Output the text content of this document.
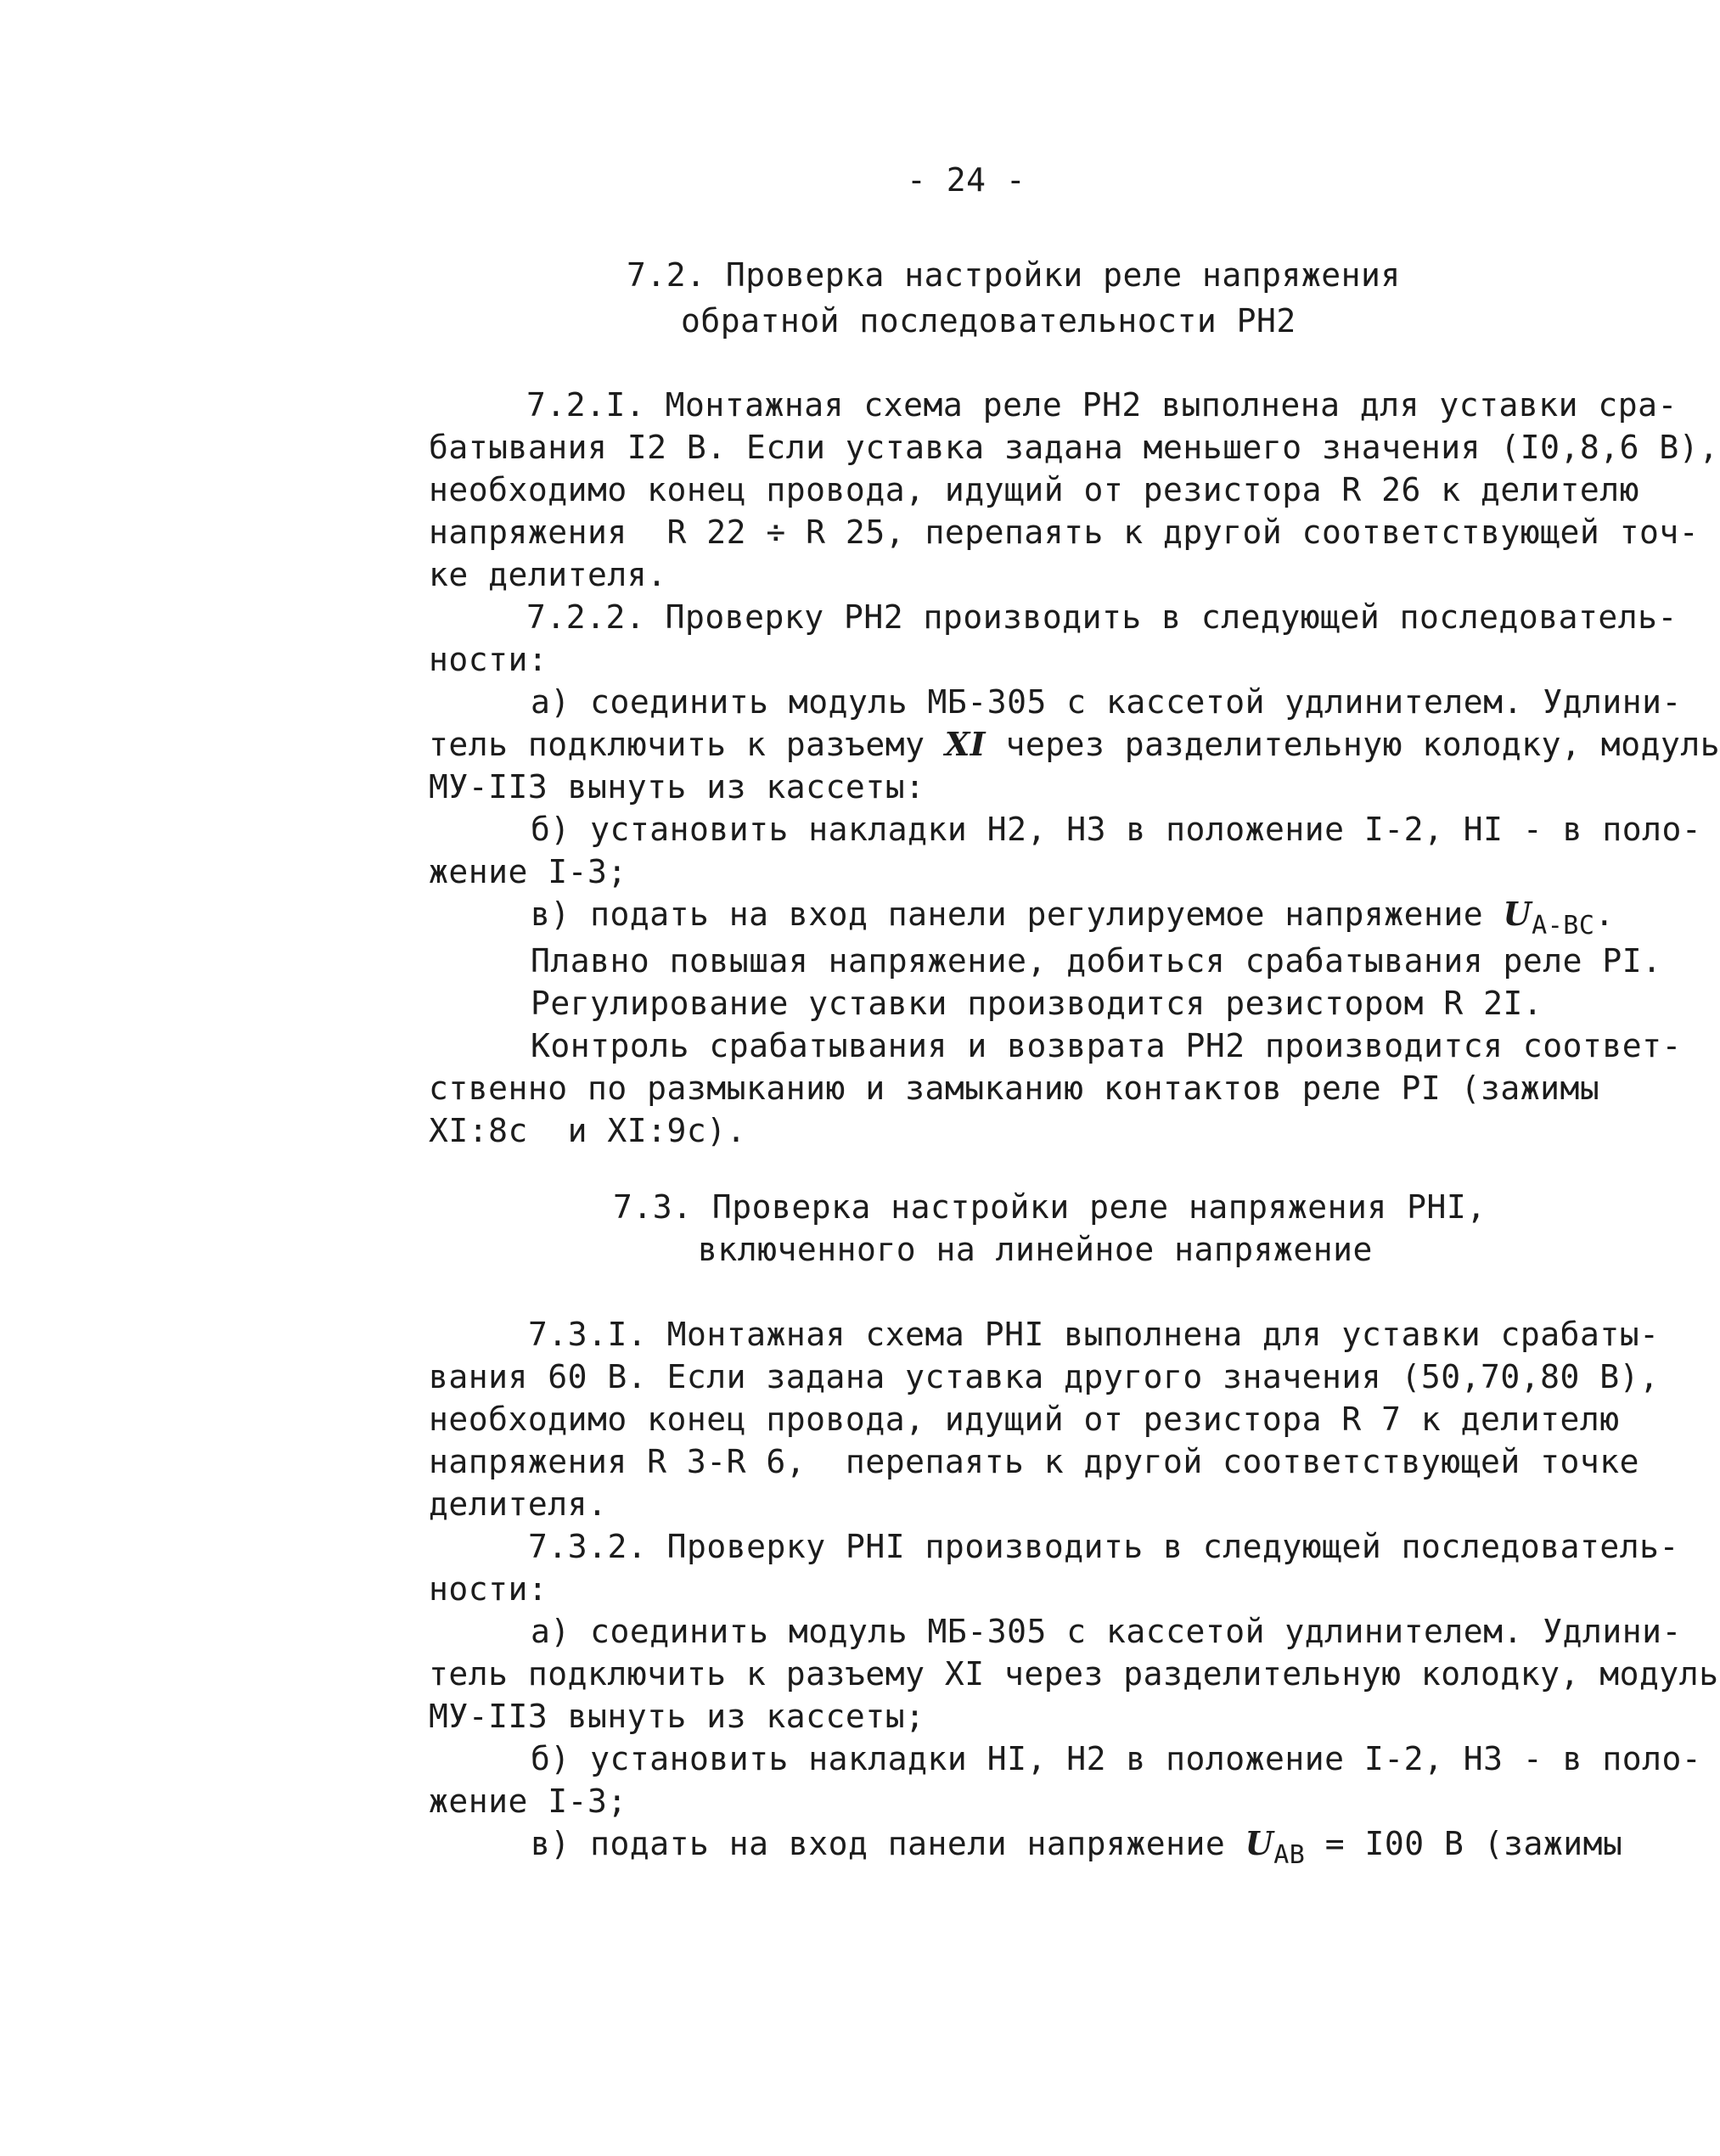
- 24 -
7.2. Проверка настройки реле напряжения
обратной последовательности РН2
7.2.I. Монтажная схема реле РН2 выполнена для уставки сра-
батывания I2 В. Если уставка задана меньшего значения (I0,8,6 В),
необходимо конец провода, идущий от резистора R 26 к делителю
напряжения  R 22 ÷ R 25, перепаять к другой соответствующей точ-
ке делителя.
7.2.2. Проверку РН2 производить в следующей последователь-
ности:
а) соединить модуль МБ-305 с кассетой удлинителем. Удлини-
тель подключить к разъему XI через разделительную колодку, модуль
МУ-II3 вынуть из кассеты:
б) установить накладки Н2, Н3 в положение I-2, НI - в поло-
жение I-3;
в) подать на вход панели регулируемое напряжение $U_{A-BC}$.
Плавно повышая напряжение, добиться срабатывания реле РI.
Регулирование уставки производится резистором R 2I.
Контроль срабатывания и возврата РН2 производится соответ-
ственно по размыканию и замыканию контактов реле РI (зажимы
XI:8c  и XI:9c).
7.3. Проверка настройки реле напряжения РНI,
включенного на линейное напряжение
7.3.I. Монтажная схема РНI выполнена для уставки срабаты-
вания 60 В. Если задана уставка другого значения (50,70,80 В),
необходимо конец провода, идущий от резистора R 7 к делителю
напряжения R 3-R 6,  перепаять к другой соответствующей точке
делителя.
7.3.2. Проверку РНI производить в следующей последователь-
ности:
а) соединить модуль МБ-305 с кассетой удлинителем. Удлини-
тель подключить к разъему XI через разделительную колодку, модуль
МУ-II3 вынуть из кассеты;
б) установить накладки НI, Н2 в положение I-2, Н3 - в поло-
жение I-3;
в) подать на вход панели напряжение $U_{AB} = I00$ В (зажимы
